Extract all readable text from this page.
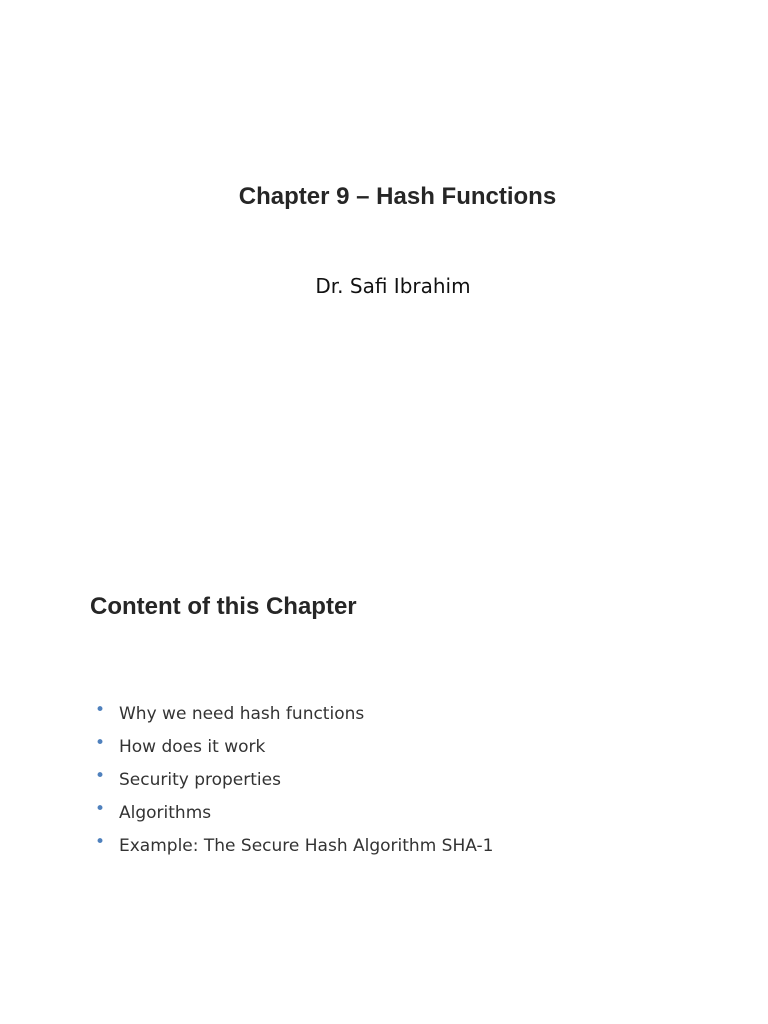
Chapter 9 – Hash Functions

Dr. Safi Ibrahim

Content of this Chapter
• Why we need hash functions
• How does it work
• Security properties
• Algorithms
• Example: The Secure Hash Algorithm SHA-1
